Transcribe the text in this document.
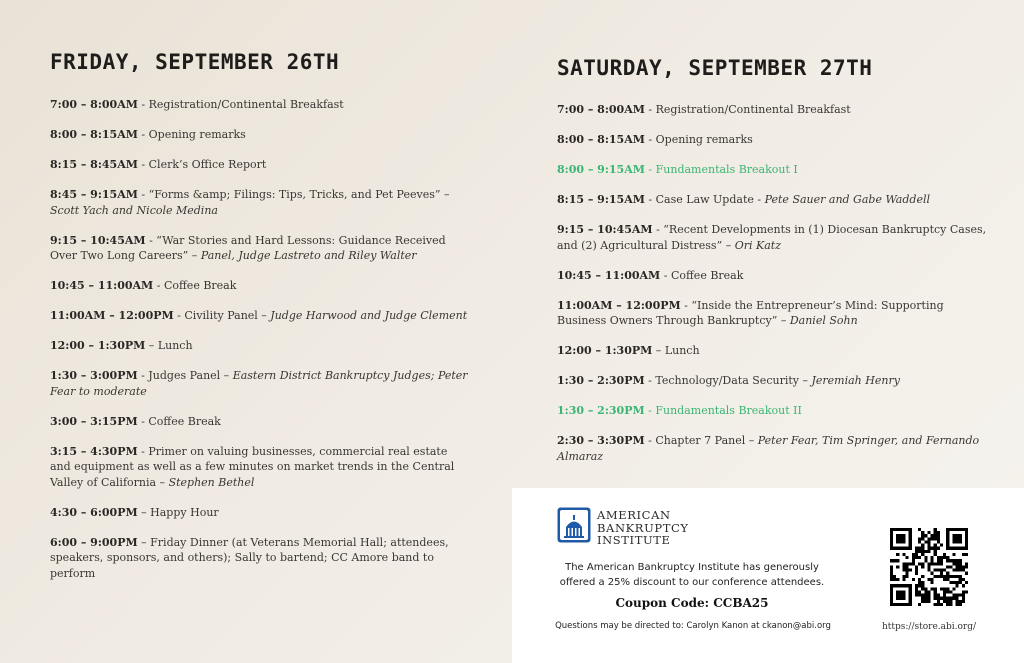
FRIDAY, SEPTEMBER 26TH
7:00 – 8:00AM - Registration/Continental Breakfast
8:00 – 8:15AM - Opening remarks
8:15 – 8:45AM - Clerk’s Office Report
8:45 – 9:15AM - “Forms &amp; Filings: Tips, Tricks, and Pet Peeves” – Scott Yach and Nicole Medina
9:15 – 10:45AM - “War Stories and Hard Lessons: Guidance Received Over Two Long Careers” – Panel, Judge Lastreto and Riley Walter
10:45 – 11:00AM - Coffee Break
11:00AM – 12:00PM - Civility Panel – Judge Harwood and Judge Clement
12:00 – 1:30PM – Lunch
1:30 – 3:00PM - Judges Panel – Eastern District Bankruptcy Judges; Peter Fear to moderate
3:00 – 3:15PM - Coffee Break
3:15 – 4:30PM - Primer on valuing businesses, commercial real estate and equipment as well as a few minutes on market trends in the Central Valley of California – Stephen Bethel
4:30 – 6:00PM – Happy Hour
6:00 – 9:00PM – Friday Dinner (at Veterans Memorial Hall; attendees, speakers, sponsors, and others); Sally to bartend; CC Amore band to perform
SATURDAY, SEPTEMBER 27TH
7:00 – 8:00AM - Registration/Continental Breakfast
8:00 – 8:15AM - Opening remarks
8:00 – 9:15AM - Fundamentals Breakout I
8:15 – 9:15AM - Case Law Update - Pete Sauer and Gabe Waddell
9:15 – 10:45AM - “Recent Developments in (1) Diocesan Bankruptcy Cases, and (2) Agricultural Distress” – Ori Katz
10:45 – 11:00AM - Coffee Break
11:00AM – 12:00PM - “Inside the Entrepreneur’s Mind: Supporting Business Owners Through Bankruptcy” – Daniel Sohn
12:00 – 1:30PM – Lunch
1:30 – 2:30PM - Technology/Data Security – Jeremiah Henry
1:30 – 2:30PM - Fundamentals Breakout II
2:30 – 3:30PM - Chapter 7 Panel – Peter Fear, Tim Springer, and Fernando Almaraz
AMERICAN
BANKRUPTCY
INSTITUTE
The American Bankruptcy Institute has generously
offered a 25% discount to our conference attendees.
Coupon Code: CCBA25
Questions may be directed to: Carolyn Kanon at ckanon@abi.org	https://store.abi.org/
